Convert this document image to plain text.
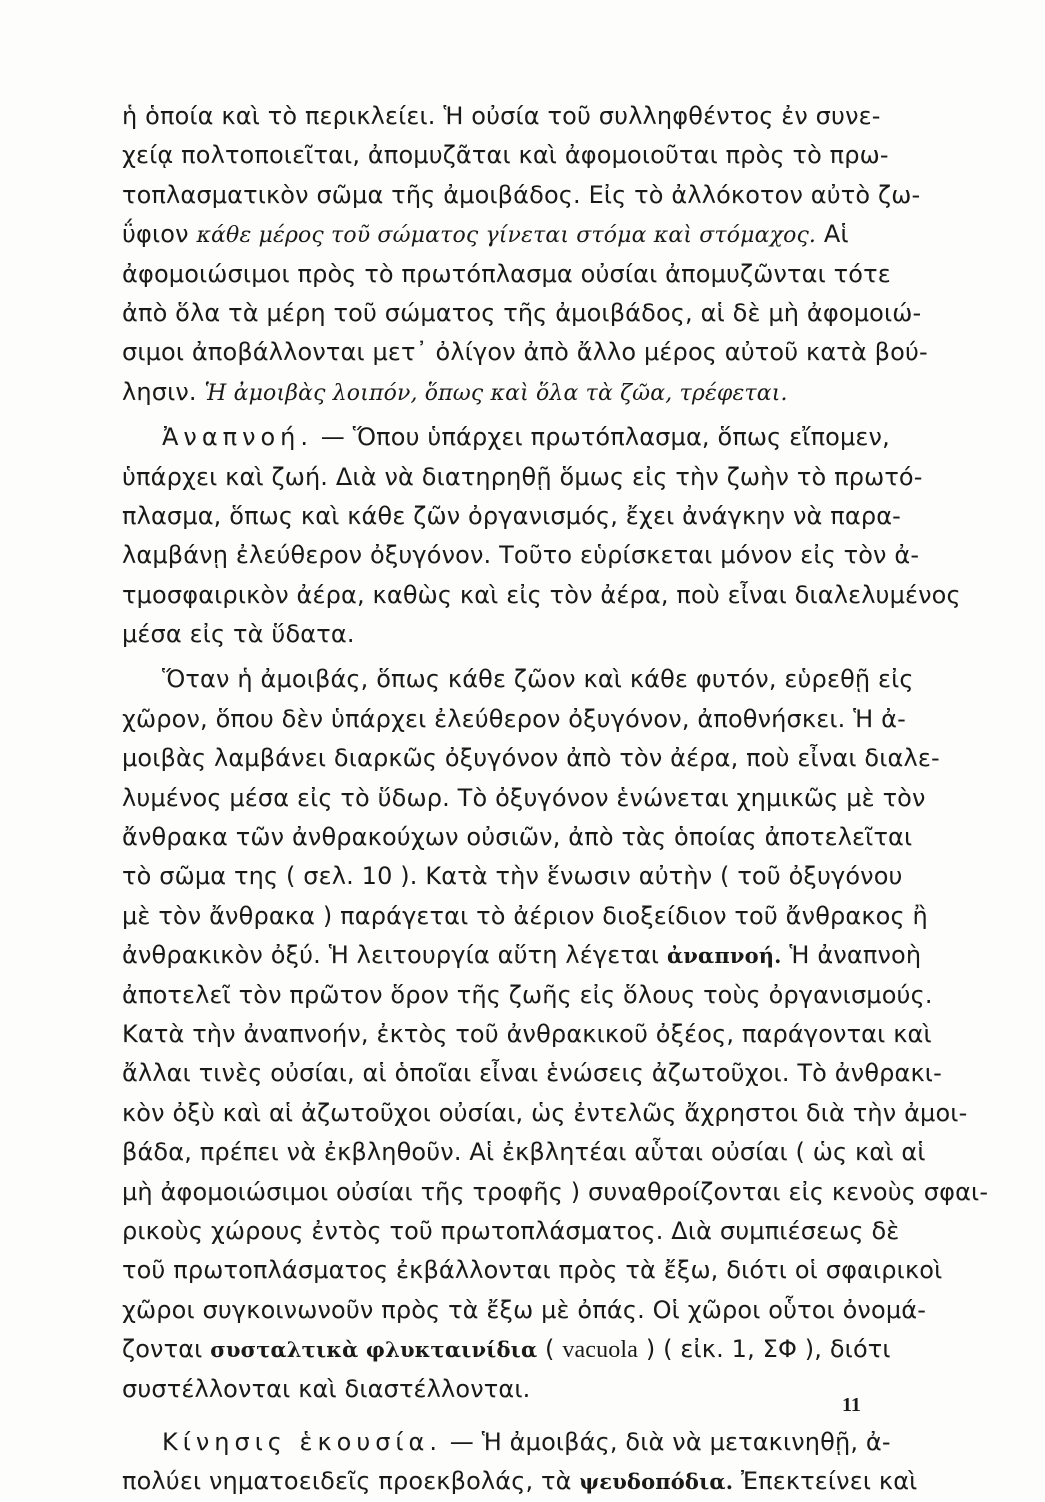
ἡ ὁποία καὶ τὸ περικλείει. Ἡ οὐσία τοῦ συλληφθέντος ἐν συνε-
χείᾳ πολτοποιεῖται, ἀπομυζᾶται καὶ ἀφομοιοῦται πρὸς τὸ πρω-
τοπλασματικὸν σῶμα τῆς ἀμοιβάδος. Εἰς τὸ ἀλλόκοτον αὐτὸ ζω-
ΰφιον κάθε μέρος τοῦ σώματος γίνεται στόμα καὶ στόμαχος. Αἱ
ἀφομοιώσιμοι πρὸς τὸ πρωτόπλασμα οὐσίαι ἀπομυζῶνται τότε
ἀπὸ ὅλα τὰ μέρη τοῦ σώματος τῆς ἀμοιβάδος, αἱ δὲ μὴ ἀφομοιώ-
σιμοι ἀποβάλλονται μετ᾽ ὀλίγον ἀπὸ ἄλλο μέρος αὐτοῦ κατὰ βού-
λησιν. Ἡ ἀμοιβὰς λοιπόν, ὅπως καὶ ὅλα τὰ ζῶα, τρέφεται.
Ἀναπνοή. — Ὅπου ὑπάρχει πρωτόπλασμα, ὅπως εἴπομεν,
ὑπάρχει καὶ ζωή. Διὰ νὰ διατηρηθῇ ὅμως εἰς τὴν ζωὴν τὸ πρωτό-
πλασμα, ὅπως καὶ κάθε ζῶν ὀργανισμός, ἔχει ἀνάγκην νὰ παρα-
λαμβάνῃ ἐλεύθερον ὀξυγόνον. Τοῦτο εὑρίσκεται μόνον εἰς τὸν ἀ-
τμοσφαιρικὸν ἀέρα, καθὼς καὶ εἰς τὸν ἀέρα, ποὺ εἶναι διαλελυμένος
μέσα εἰς τὰ ὕδατα.
Ὅταν ἡ ἀμοιβάς, ὅπως κάθε ζῶον καὶ κάθε φυτόν, εὑρεθῇ εἰς
χῶρον, ὅπου δὲν ὑπάρχει ἐλεύθερον ὀξυγόνον, ἀποθνήσκει. Ἡ ἀ-
μοιβὰς λαμβάνει διαρκῶς ὀξυγόνον ἀπὸ τὸν ἀέρα, ποὺ εἶναι διαλε-
λυμένος μέσα εἰς τὸ ὕδωρ. Τὸ ὀξυγόνον ἑνώνεται χημικῶς μὲ τὸν
ἄνθρακα τῶν ἀνθρακούχων οὐσιῶν, ἀπὸ τὰς ὁποίας ἀποτελεῖται
τὸ σῶμα της ( σελ. 10 ). Κατὰ τὴν ἕνωσιν αὐτὴν ( τοῦ ὀξυγόνου
μὲ τὸν ἄνθρακα ) παράγεται τὸ ἀέριον διοξείδιον τοῦ ἄνθρακος ἢ
ἀνθρακικὸν ὀξύ. Ἡ λειτουργία αὕτη λέγεται ἀναπνοή. Ἡ ἀναπνοὴ
ἀποτελεῖ τὸν πρῶτον ὅρον τῆς ζωῆς εἰς ὅλους τοὺς ὀργανισμούς.
Κατὰ τὴν ἀναπνοήν, ἐκτὸς τοῦ ἀνθρακικοῦ ὀξέος, παράγονται καὶ
ἄλλαι τινὲς οὐσίαι, αἱ ὁποῖαι εἶναι ἑνώσεις ἀζωτοῦχοι. Τὸ ἀνθρακι-
κὸν ὀξὺ καὶ αἱ ἀζωτοῦχοι οὐσίαι, ὡς ἐντελῶς ἄχρηστοι διὰ τὴν ἀμοι-
βάδα, πρέπει νὰ ἐκβληθοῦν. Αἱ ἐκβλητέαι αὗται οὐσίαι ( ὡς καὶ αἱ
μὴ ἀφομοιώσιμοι οὐσίαι τῆς τροφῆς ) συναθροίζονται εἰς κενοὺς σφαι-
ρικοὺς χώρους ἐντὸς τοῦ πρωτοπλάσματος. Διὰ συμπιέσεως δὲ
τοῦ πρωτοπλάσματος ἐκβάλλονται πρὸς τὰ ἔξω, διότι οἱ σφαιρικοὶ
χῶροι συγκοινωνοῦν πρὸς τὰ ἔξω μὲ ὀπάς. Οἱ χῶροι οὗτοι ὀνομά-
ζονται συσταλτικὰ φλυκταινίδια ( vacuola ) ( εἰκ. 1, ΣΦ ), διότι
συστέλλονται καὶ διαστέλλονται.
Κίνησις ἑκουσία. — Ἡ ἀμοιβάς, διὰ νὰ μετακινηθῇ, ἀ-
πολύει νηματοειδεῖς προεκβολάς, τὰ ψευδοπόδια. Ἐπεκτείνει καὶ
11
